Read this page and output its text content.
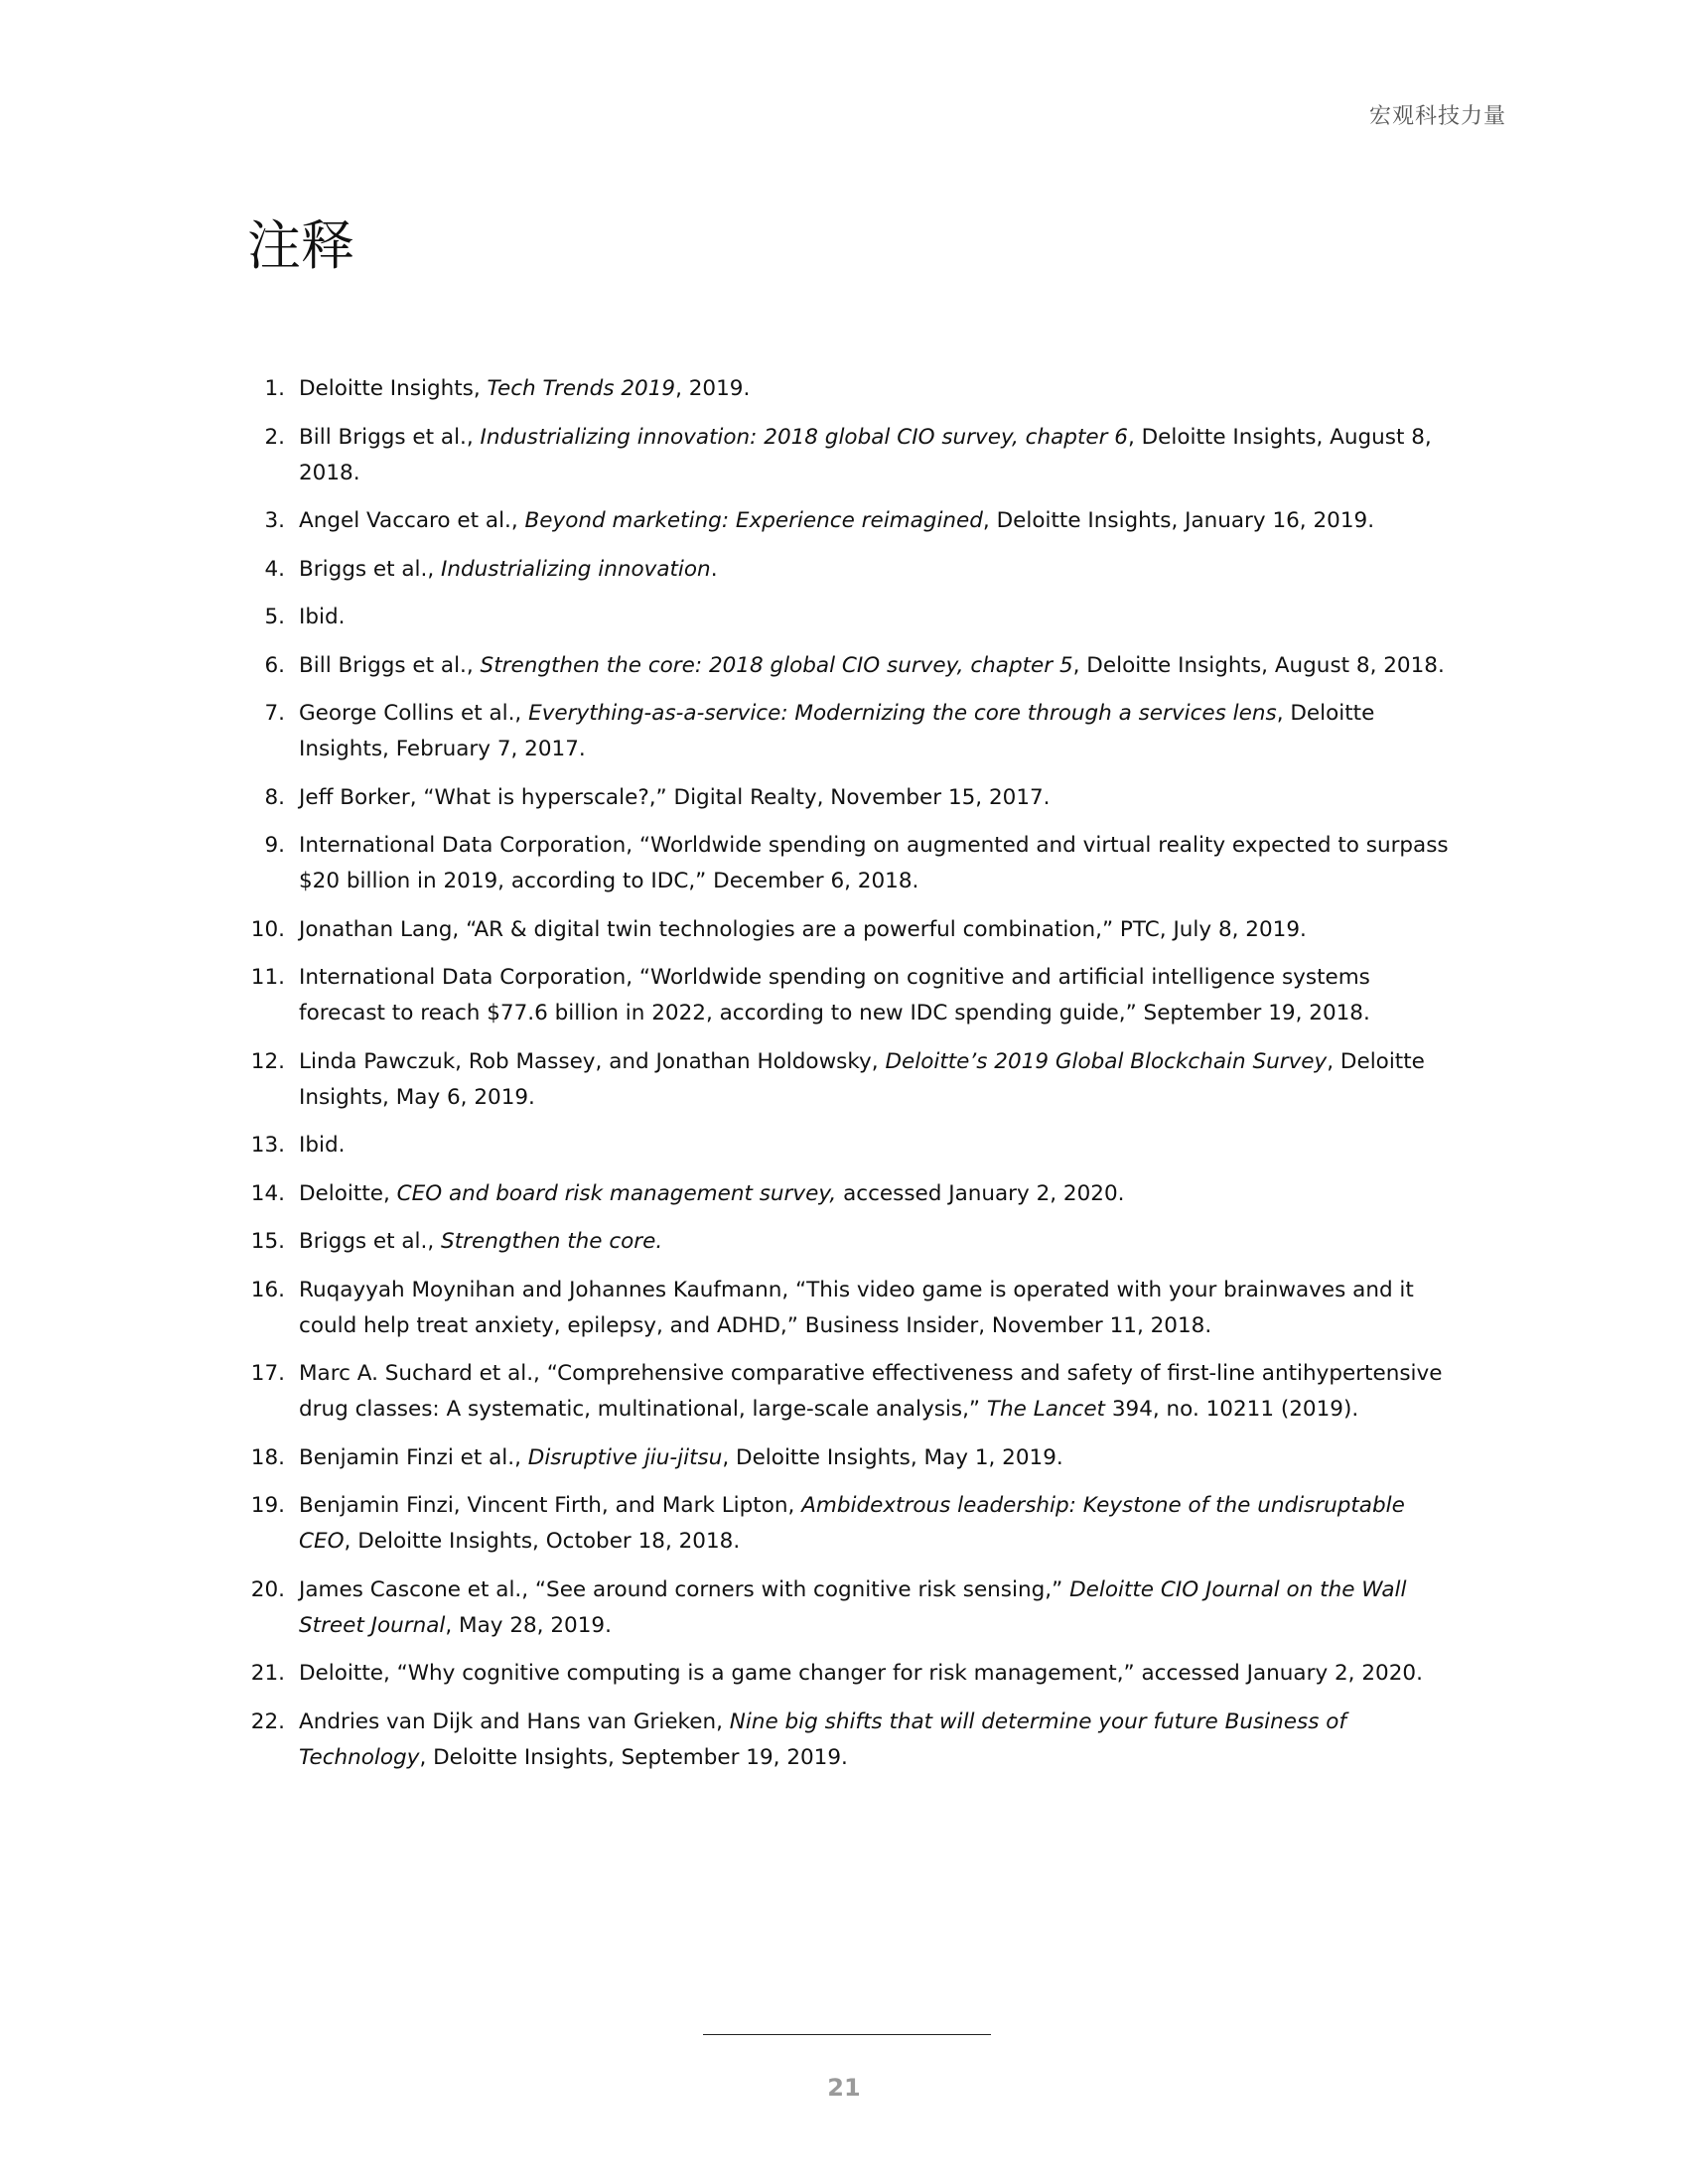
宏观科技力量
注释
1. Deloitte Insights, Tech Trends 2019, 2019.
2. Bill Briggs et al., Industrializing innovation: 2018 global CIO survey, chapter 6, Deloitte Insights, August 8, 2018.
3. Angel Vaccaro et al., Beyond marketing: Experience reimagined, Deloitte Insights, January 16, 2019.
4. Briggs et al., Industrializing innovation.
5. Ibid.
6. Bill Briggs et al., Strengthen the core: 2018 global CIO survey, chapter 5, Deloitte Insights, August 8, 2018.
7. George Collins et al., Everything-as-a-service: Modernizing the core through a services lens, Deloitte Insights, February 7, 2017.
8. Jeff Borker, “What is hyperscale?,” Digital Realty, November 15, 2017.
9. International Data Corporation, “Worldwide spending on augmented and virtual reality expected to surpass $20 billion in 2019, according to IDC,” December 6, 2018.
10. Jonathan Lang, “AR & digital twin technologies are a powerful combination,” PTC, July 8, 2019.
11. International Data Corporation, “Worldwide spending on cognitive and artificial intelligence systems forecast to reach $77.6 billion in 2022, according to new IDC spending guide,” September 19, 2018.
12. Linda Pawczuk, Rob Massey, and Jonathan Holdowsky, Deloitte’s 2019 Global Blockchain Survey, Deloitte Insights, May 6, 2019.
13. Ibid.
14. Deloitte, CEO and board risk management survey, accessed January 2, 2020.
15. Briggs et al., Strengthen the core.
16. Ruqayyah Moynihan and Johannes Kaufmann, “This video game is operated with your brainwaves and it could help treat anxiety, epilepsy, and ADHD,” Business Insider, November 11, 2018.
17. Marc A. Suchard et al., “Comprehensive comparative effectiveness and safety of first-line antihypertensive drug classes: A systematic, multinational, large-scale analysis,” The Lancet 394, no. 10211 (2019).
18. Benjamin Finzi et al., Disruptive jiu-jitsu, Deloitte Insights, May 1, 2019.
19. Benjamin Finzi, Vincent Firth, and Mark Lipton, Ambidextrous leadership: Keystone of the undisruptable CEO, Deloitte Insights, October 18, 2018.
20. James Cascone et al., “See around corners with cognitive risk sensing,” Deloitte CIO Journal on the Wall Street Journal, May 28, 2019.
21. Deloitte, “Why cognitive computing is a game changer for risk management,” accessed January 2, 2020.
22. Andries van Dijk and Hans van Grieken, Nine big shifts that will determine your future Business of Technology, Deloitte Insights, September 19, 2019.
21
